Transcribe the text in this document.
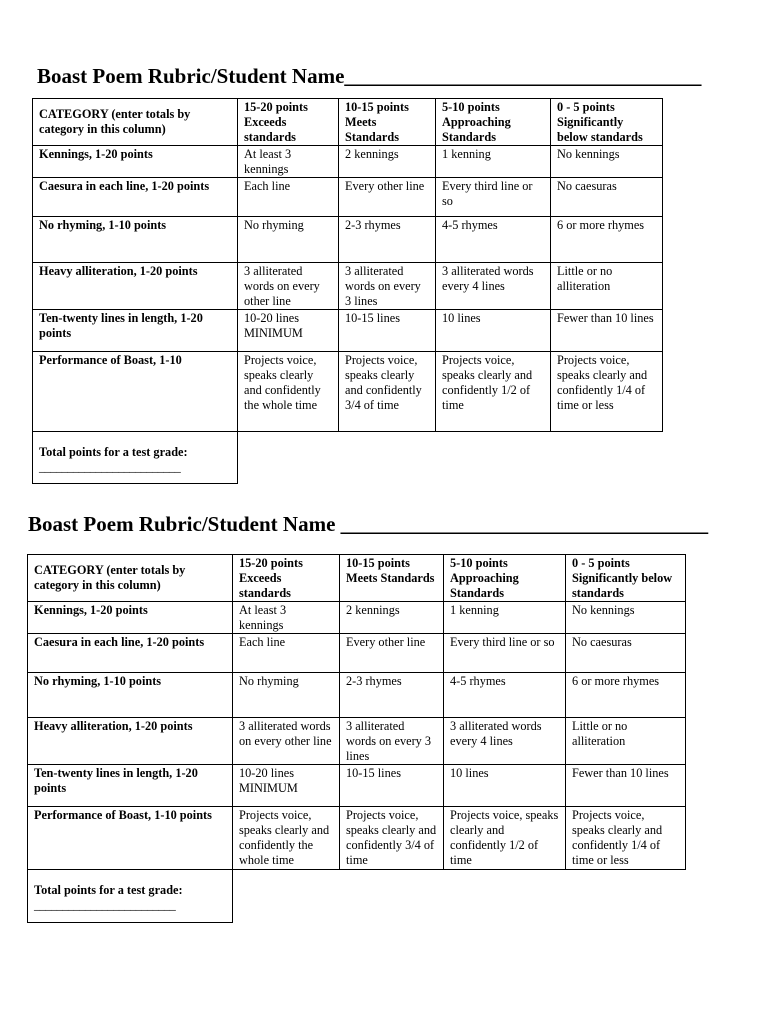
Boast Poem Rubric/Student Name__________________________________
CATEGORY (enter totals by category in this column)	15-20 points Exceeds standards	10-15 points Meets Standards	5-10 points Approaching Standards	0 - 5 points Significantly below standards
Kennings, 1-20 points	At least 3 kennings	2 kennings	1 kenning	No kennings
Caesura in each line, 1-20 points	Each line	Every other line	Every third line or so	No caesuras
No rhyming, 1-10 points	No rhyming	2-3 rhymes	4-5 rhymes	6 or more rhymes
Heavy alliteration, 1-20 points	3 alliterated words on every other line	3 alliterated words on every 3 lines	3 alliterated words every 4 lines	Little or no alliteration
Ten-twenty lines in length, 1-20 points	10-20 lines MINIMUM	10-15 lines	10 lines	Fewer than 10 lines
Performance of Boast, 1-10	Projects voice, speaks clearly and confidently the whole time	Projects voice, speaks clearly and confidently 3/4 of time	Projects voice, speaks clearly and confidently 1/2 of time	Projects voice, speaks clearly and confidently 1/4 of time or less
Total points for a test grade:
_________________________				

Boast Poem Rubric/Student Name ___________________________________
CATEGORY (enter totals by category in this column)	15-20 points Exceeds standards	10-15 points Meets Standards	5-10 points Approaching Standards	0 - 5 points Significantly below standards
Kennings, 1-20 points	At least 3 kennings	2 kennings	1 kenning	No kennings
Caesura in each line, 1-20 points	Each line	Every other line	Every third line or so	No caesuras
No rhyming, 1-10 points	No rhyming	2-3 rhymes	4-5 rhymes	6 or more rhymes
Heavy alliteration, 1-20 points	3 alliterated words on every other line	3 alliterated words on every 3 lines	3 alliterated words every 4 lines	Little or no alliteration
Ten-twenty lines in length, 1-20 points	10-20 lines MINIMUM	10-15 lines	10 lines	Fewer than 10 lines
Performance of Boast, 1-10 points	Projects voice, speaks clearly and confidently the whole time	Projects voice, speaks clearly and confidently 3/4 of time	Projects voice, speaks clearly and confidently 1/2 of time	Projects voice, speaks clearly and confidently 1/4 of time or less
Total points for a test grade:
_________________________				
